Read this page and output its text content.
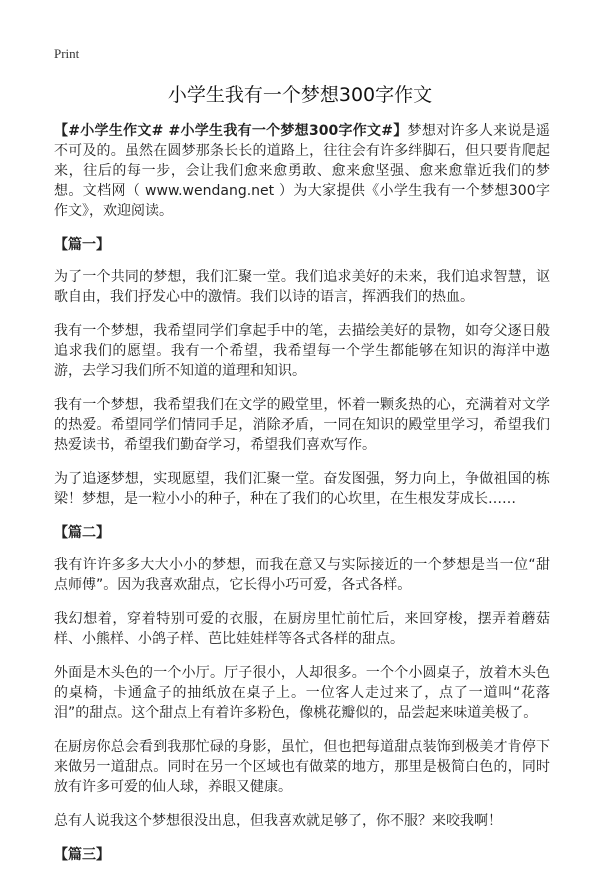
Print
小学生我有一个梦想300字作文

【#小学生作文# #小学生我有一个梦想300字作文#】梦想对许多人来说是遥不可及的。虽然在圆梦那条长长的道路上，往往会有许多绊脚石，但只要肯爬起来，往后的每一步，会让我们愈来愈勇敢、愈来愈坚强、愈来愈靠近我们的梦想。文档网（ www.wendang.net ）为大家提供《小学生我有一个梦想300字作文》，欢迎阅读。

【篇一】

为了一个共同的梦想，我们汇聚一堂。我们追求美好的未来，我们追求智慧，讴歌自由，我们抒发心中的激情。我们以诗的语言，挥洒我们的热血。

我有一个梦想，我希望同学们拿起手中的笔，去描绘美好的景物，如夸父逐日般追求我们的愿望。我有一个希望，我希望每一个学生都能够在知识的海洋中遨游，去学习我们所不知道的道理和知识。

我有一个梦想，我希望我们在文学的殿堂里，怀着一颗炙热的心，充满着对文学的热爱。希望同学们情同手足，消除矛盾，一同在知识的殿堂里学习，希望我们热爱读书，希望我们勤奋学习，希望我们喜欢写作。

为了追逐梦想，实现愿望，我们汇聚一堂。奋发图强，努力向上，争做祖国的栋梁！梦想，是一粒小小的种子，种在了我们的心坎里，在生根发芽成长……

【篇二】

我有许许多多大大小小的梦想，而我在意又与实际接近的一个梦想是当一位“甜点师傅”。因为我喜欢甜点，它长得小巧可爱，各式各样。

我幻想着，穿着特别可爱的衣服，在厨房里忙前忙后，来回穿梭，摆弄着蘑菇样、小熊样、小鸽子样、芭比娃娃样等各式各样的甜点。

外面是木头色的一个小厅。厅子很小，人却很多。一个个小圆桌子，放着木头色的桌椅，卡通盒子的抽纸放在桌子上。一位客人走过来了，点了一道叫“花落泪”的甜点。这个甜点上有着许多粉色，像桃花瓣似的，品尝起来味道美极了。

在厨房你总会看到我那忙碌的身影，虽忙，但也把每道甜点装饰到极美才肯停下来做另一道甜点。同时在另一个区域也有做菜的地方，那里是极简白色的，同时放有许多可爱的仙人球，养眼又健康。

总有人说我这个梦想很没出息，但我喜欢就足够了，你不服？来咬我啊！

【篇三】
